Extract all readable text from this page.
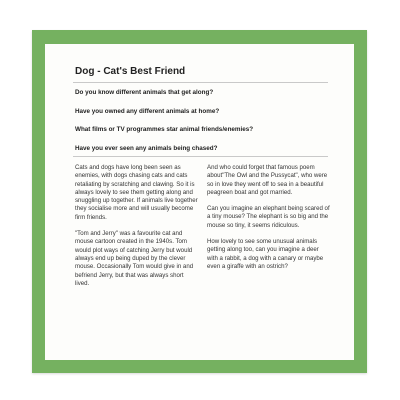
Dog - Cat's Best Friend
Do you know different animals that get along?
Have you owned any different animals at home?
What films or TV programmes star animal friends/enemies?
Have you ever seen any animals being chased?

Cats and dogs have long been seen as enemies, with dogs chasing cats and cats retaliating by scratching and clawing. So it is always lovely to see them getting along and snuggling up together. If animals live together they socialise more and will usually become firm friends.

"Tom and Jerry" was a favourite cat and mouse cartoon created in the 1940s. Tom would plot ways of catching Jerry but would always end up being duped by the clever mouse. Occasionally Tom would give in and befriend Jerry, but that was always short lived.

And who could forget that famous poem about"The Owl and the Pussycat", who were so in love they went off to sea in a beautiful peagreen boat and got married.

Can you imagine an elephant being scared of a tiny mouse? The elephant is so big and the mouse so tiny, it seems ridiculous.

How lovely to see some unusual animals getting along too, can you imagine a deer with a rabbit, a dog with a canary or maybe even a giraffe with an ostrich?
